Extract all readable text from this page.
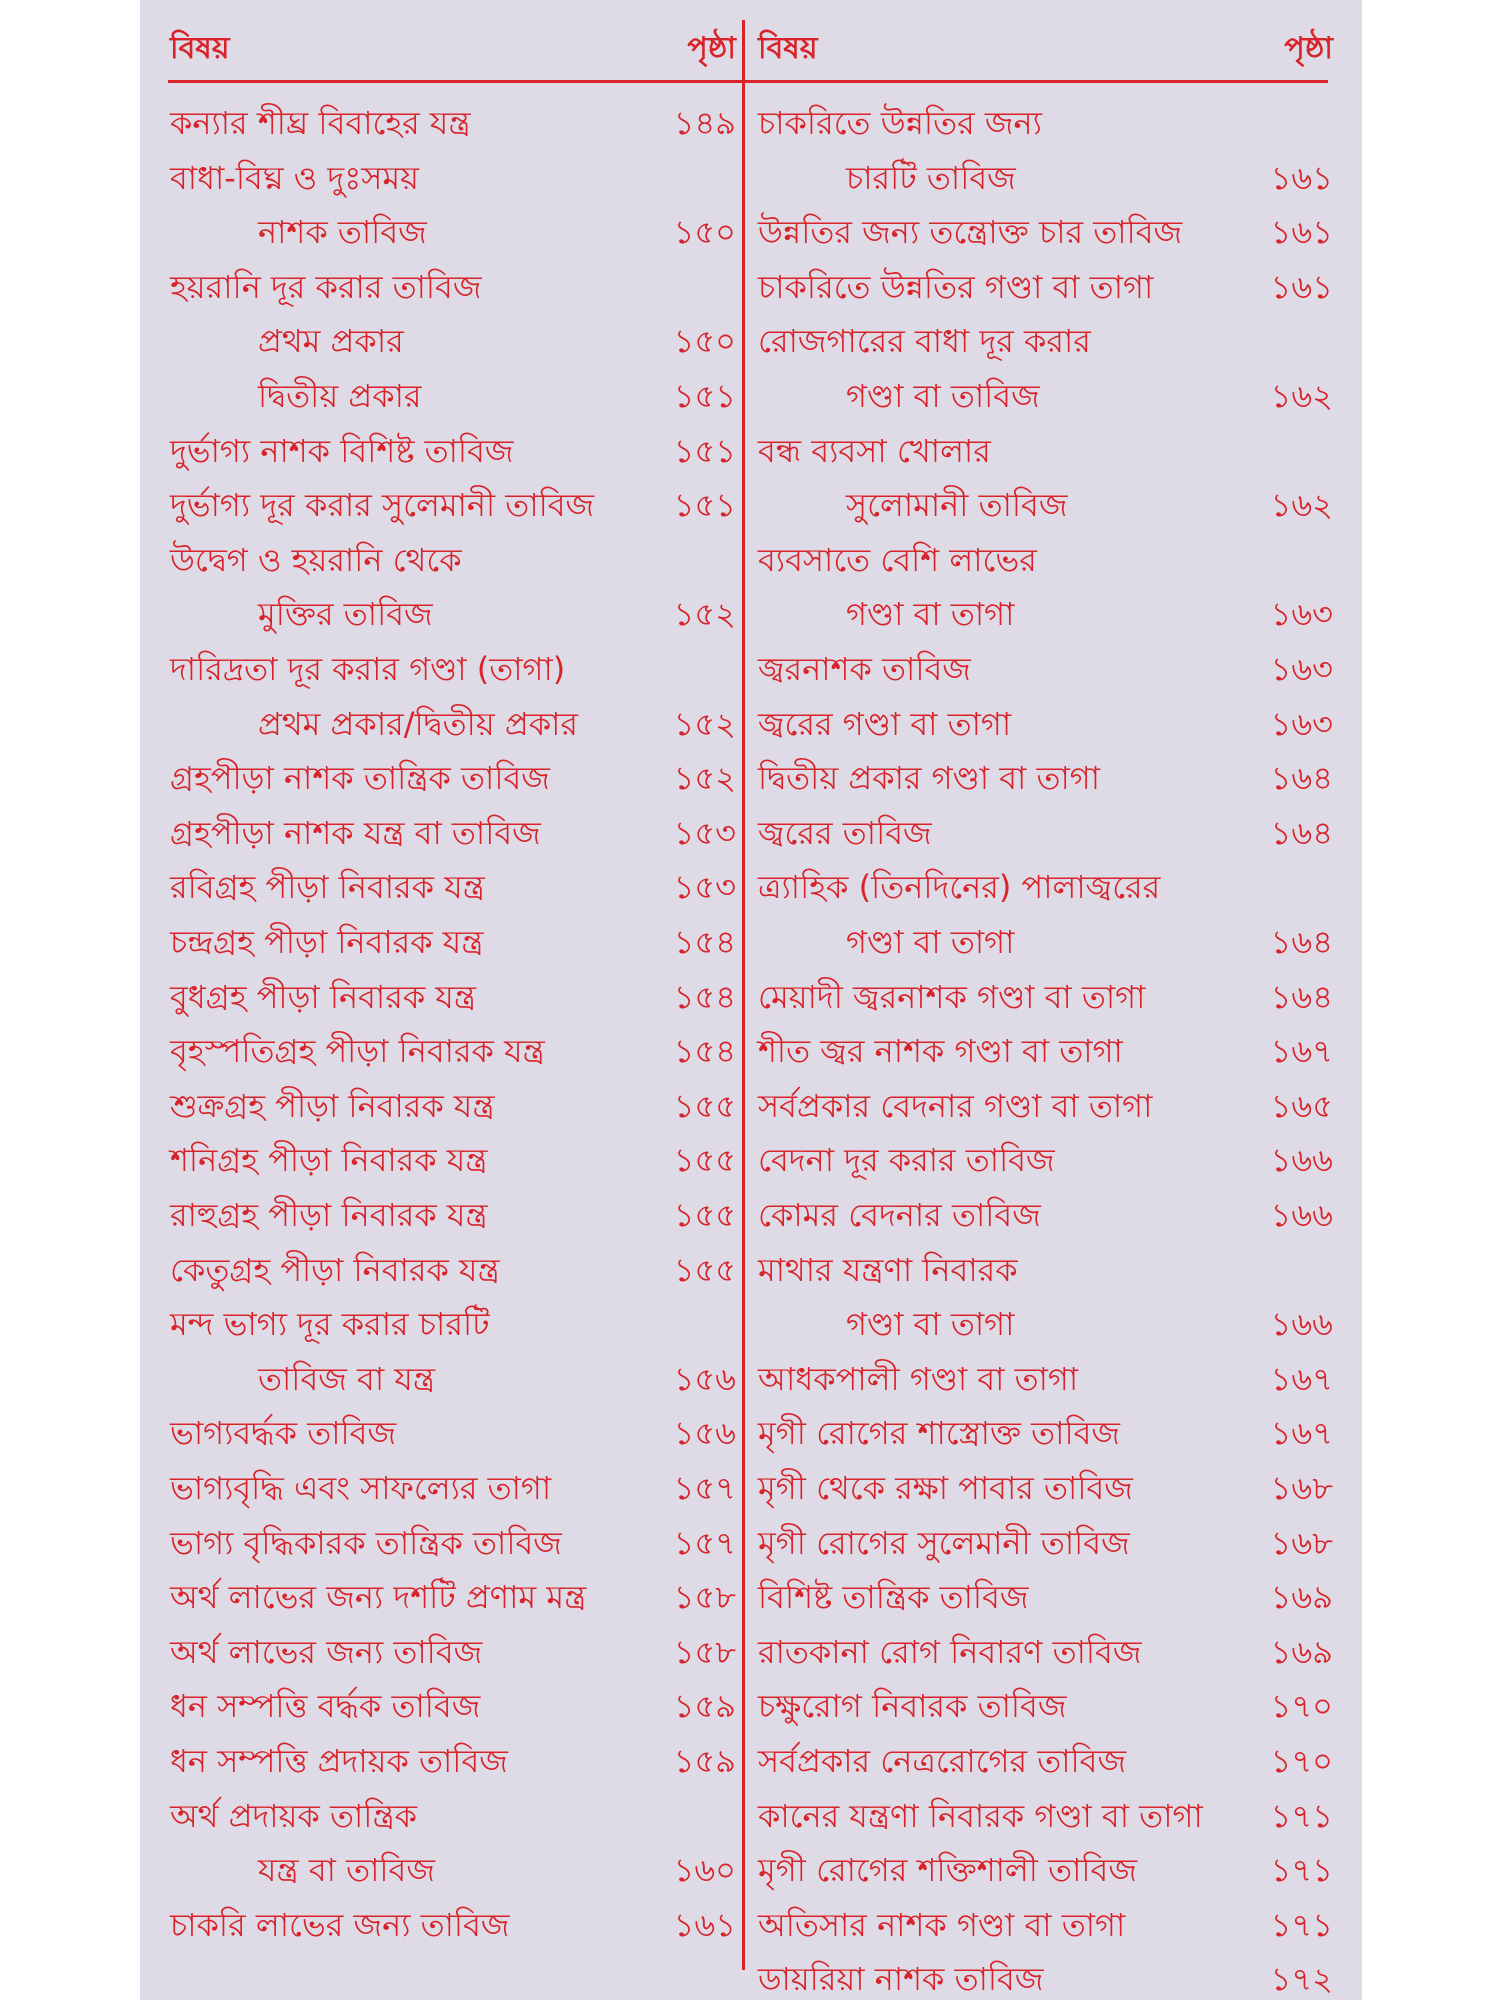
বিষয়	পৃষ্ঠা
কন্যার শীঘ্র বিবাহের যন্ত্র	১৪৯
বাধা-বিঘ্ন ও দুঃসময়
নাশক তাবিজ	১৫০
হয়রানি দূর করার তাবিজ
প্রথম প্রকার	১৫০
দ্বিতীয় প্রকার	১৫১
দুর্ভাগ্য নাশক বিশিষ্ট তাবিজ	১৫১
দুর্ভাগ্য দূর করার সুলেমানী তাবিজ ১৫১
উদ্বেগ ও হয়রানি থেকে
মুক্তির তাবিজ	১৫২
দারিদ্রতা দূর করার গণ্ডা (তাগা)
প্রথম প্রকার/দ্বিতীয় প্রকার	১৫২
গ্রহপীড়া নাশক তান্ত্রিক তাবিজ	১৫২
গ্রহপীড়া নাশক যন্ত্র বা তাবিজ	১৫৩
রবিগ্রহ পীড়া নিবারক যন্ত্র	১৫৩
চন্দ্রগ্রহ পীড়া নিবারক যন্ত্র	১৫৪
বুধগ্রহ পীড়া নিবারক যন্ত্র	১৫৪
বৃহস্পতিগ্রহ পীড়া নিবারক যন্ত্র	১৫৪
শুক্রগ্রহ পীড়া নিবারক যন্ত্র	১৫৫
শনিগ্রহ পীড়া নিবারক যন্ত্র	১৫৫
রাহুগ্রহ পীড়া নিবারক যন্ত্র	১৫৫
কেতুগ্রহ পীড়া নিবারক যন্ত্র	১৫৫
মন্দ ভাগ্য দূর করার চারটি
তাবিজ বা যন্ত্র	১৫৬
ভাগ্যবর্দ্ধক তাবিজ	১৫৬
ভাগ্যবৃদ্ধি এবং সাফল্যের তাগা	১৫৭
ভাগ্য বৃদ্ধিকারক তান্ত্রিক তাবিজ	১৫৭
অর্থ লাভের জন্য দশটি প্রণাম মন্ত্র	১৫৮
অর্থ লাভের জন্য তাবিজ	১৫৮
ধন সম্পত্তি বর্দ্ধক তাবিজ	১৫৯
ধন সম্পত্তি প্রদায়ক তাবিজ	১৫৯
অর্থ প্রদায়ক তান্ত্রিক
যন্ত্র বা তাবিজ	১৬০
চাকরি লাভের জন্য তাবিজ	১৬১
বিষয়	পৃষ্ঠা
চাকরিতে উন্নতির জন্য
চারটি তাবিজ	১৬১
উন্নতির জন্য তন্ত্রোক্ত চার তাবিজ	১৬১
চাকরিতে উন্নতির গণ্ডা বা তাগা	১৬১
রোজগারের বাধা দূর করার
গণ্ডা বা তাবিজ	১৬২
বন্ধ ব্যবসা খোলার
সুলোমানী তাবিজ	১৬২
ব্যবসাতে বেশি লাভের
গণ্ডা বা তাগা	১৬৩
জ্বরনাশক তাবিজ	১৬৩
জ্বরের গণ্ডা বা তাগা	১৬৩
দ্বিতীয় প্রকার গণ্ডা বা তাগা	১৬৪
জ্বরের তাবিজ	১৬৪
ত্র্যাহিক (তিনদিনের) পালাজ্বরের
গণ্ডা বা তাগা	১৬৪
মেয়াদী জ্বরনাশক গণ্ডা বা তাগা	১৬৪
শীত জ্বর নাশক গণ্ডা বা তাগা	১৬৭
সর্বপ্রকার বেদনার গণ্ডা বা তাগা	১৬৫
বেদনা দূর করার তাবিজ	১৬৬
কোমর বেদনার তাবিজ	১৬৬
মাথার যন্ত্রণা নিবারক
গণ্ডা বা তাগা	১৬৬
আধকপালী গণ্ডা বা তাগা	১৬৭
মৃগী রোগের শাস্ত্রোক্ত তাবিজ	১৬৭
মৃগী থেকে রক্ষা পাবার তাবিজ	১৬৮
মৃগী রোগের সুলেমানী তাবিজ	১৬৮
বিশিষ্ট তান্ত্রিক তাবিজ	১৬৯
রাতকানা রোগ নিবারণ তাবিজ	১৬৯
চক্ষুরোগ নিবারক তাবিজ	১৭০
সর্বপ্রকার নেত্ররোগের তাবিজ	১৭০
কানের যন্ত্রণা নিবারক গণ্ডা বা তাগা ১৭১
মৃগী রোগের শক্তিশালী তাবিজ	১৭১
অতিসার নাশক গণ্ডা বা তাগা	১৭১
ডায়রিয়া নাশক তাবিজ	১৭২
